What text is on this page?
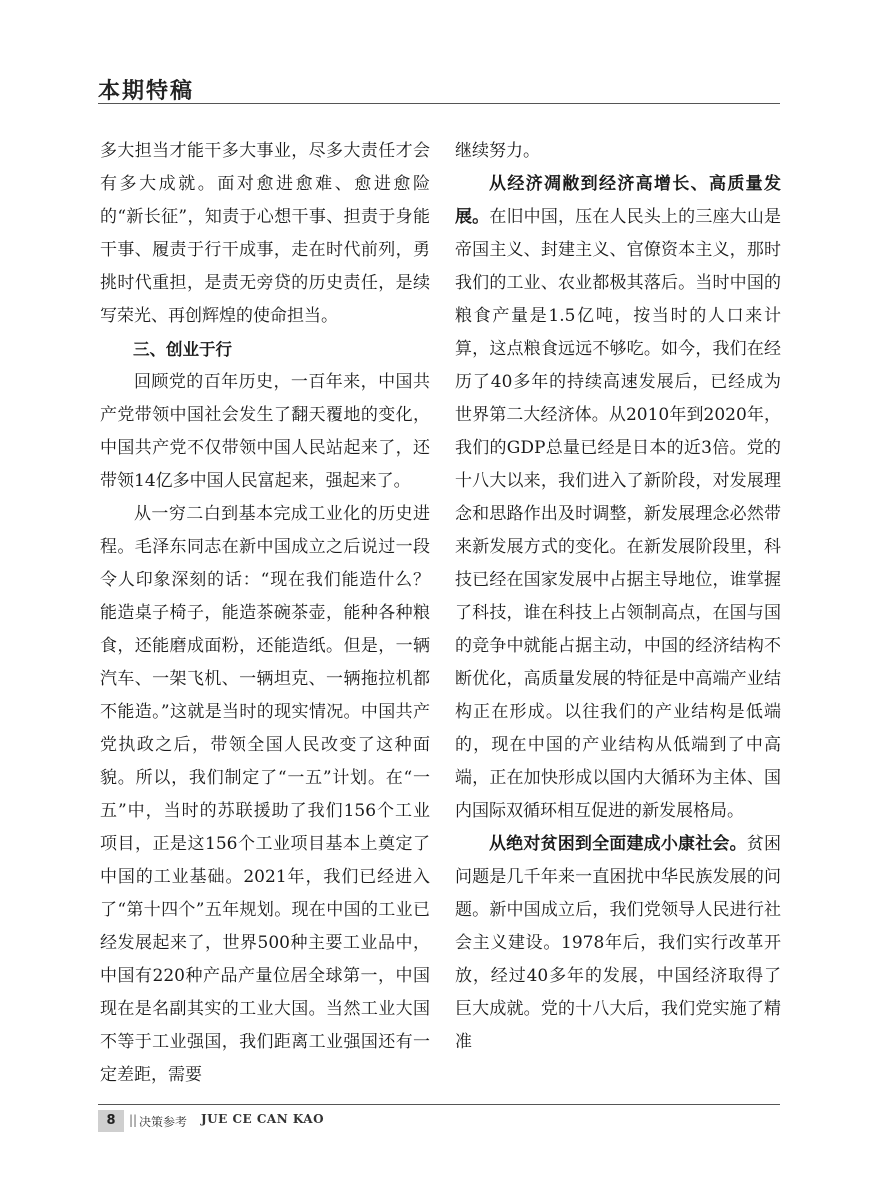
本期特稿

多大担当才能干多大事业，尽多大责任才会有多大成就。面对愈进愈难、愈进愈险的“新长征”，知责于心想干事、担责于身能干事、履责于行干成事，走在时代前列，勇挑时代重担，是责无旁贷的历史责任，是续写荣光、再创辉煌的使命担当。

三、创业于行

回顾党的百年历史，一百年来，中国共产党带领中国社会发生了翻天覆地的变化，中国共产党不仅带领中国人民站起来了，还带领14亿多中国人民富起来，强起来了。

从一穷二白到基本完成工业化的历史进程。毛泽东同志在新中国成立之后说过一段令人印象深刻的话：“现在我们能造什么？能造桌子椅子，能造茶碗茶壶，能种各种粮食，还能磨成面粉，还能造纸。但是，一辆汽车、一架飞机、一辆坦克、一辆拖拉机都不能造。”这就是当时的现实情况。中国共产党执政之后，带领全国人民改变了这种面貌。所以，我们制定了“一五”计划。在“一五”中，当时的苏联援助了我们156个工业项目，正是这156个工业项目基本上奠定了中国的工业基础。2021年，我们已经进入了“第十四个”五年规划。现在中国的工业已经发展起来了，世界500种主要工业品中，中国有220种产品产量位居全球第一，中国现在是名副其实的工业大国。当然工业大国不等于工业强国，我们距离工业强国还有一定差距，需要

继续努力。

从经济凋敝到经济高增长、高质量发展。在旧中国，压在人民头上的三座大山是帝国主义、封建主义、官僚资本主义，那时我们的工业、农业都极其落后。当时中国的粮食产量是1.5亿吨，按当时的人口来计算，这点粮食远远不够吃。如今，我们在经历了40多年的持续高速发展后，已经成为世界第二大经济体。从2010年到2020年，我们的GDP总量已经是日本的近3倍。党的十八大以来，我们进入了新阶段，对发展理念和思路作出及时调整，新发展理念必然带来新发展方式的变化。在新发展阶段里，科技已经在国家发展中占据主导地位，谁掌握了科技，谁在科技上占领制高点，在国与国的竞争中就能占据主动，中国的经济结构不断优化，高质量发展的特征是中高端产业结构正在形成。以往我们的产业结构是低端的，现在中国的产业结构从低端到了中高端，正在加快形成以国内大循环为主体、国内国际双循环相互促进的新发展格局。

从绝对贫困到全面建成小康社会。贫困问题是几千年来一直困扰中华民族发展的问题。新中国成立后，我们党领导人民进行社会主义建设。1978年后，我们实行改革开放，经过40多年的发展，中国经济取得了巨大成就。党的十八大后，我们党实施了精准

8	|| 决策参考 JUE CE CAN KAO
